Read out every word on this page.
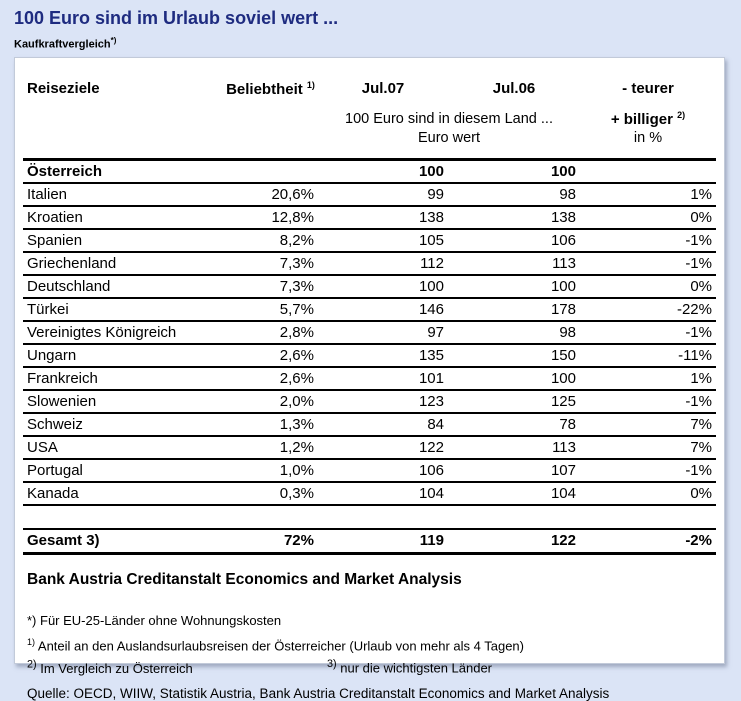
100 Euro sind im Urlaub soviel wert ...
Kaufkraftvergleich*)
Reiseziele	Beliebtheit $^{1)}$	Jul.07	Jul.06	- teurer
		100 Euro sind in diesem Land ...		+ billiger $^{2)}$
		Euro wert		in %
Österreich		100	100	
Italien	20,6%	99	98	1%
Kroatien	12,8%	138	138	0%
Spanien	8,2%	105	106	-1%
Griechenland	7,3%	112	113	-1%
Deutschland	7,3%	100	100	0%
Türkei	5,7%	146	178	-22%
Vereinigtes Königreich	2,8%	97	98	-1%
Ungarn	2,6%	135	150	-11%
Frankreich	2,6%	101	100	1%
Slowenien	2,0%	123	125	-1%
Schweiz	1,3%	84	78	7%
USA	1,2%	122	113	7%
Portugal	1,0%	106	107	-1%
Kanada	0,3%	104	104	0%

Gesamt 3)	72%	119	122	-2%
Bank Austria Creditanstalt Economics and Market Analysis
*) Für EU-25-Länder ohne Wohnungskosten
$^{1)}$ Anteil an den Auslandsurlaubsreisen der Österreicher (Urlaub von mehr als 4 Tagen)
$^{2)}$ Im Vergleich zu Österreich	$^{3)}$ nur die wichtigsten Länder
Quelle: OECD, WIIW, Statistik Austria, Bank Austria Creditanstalt Economics and Market Analysis
